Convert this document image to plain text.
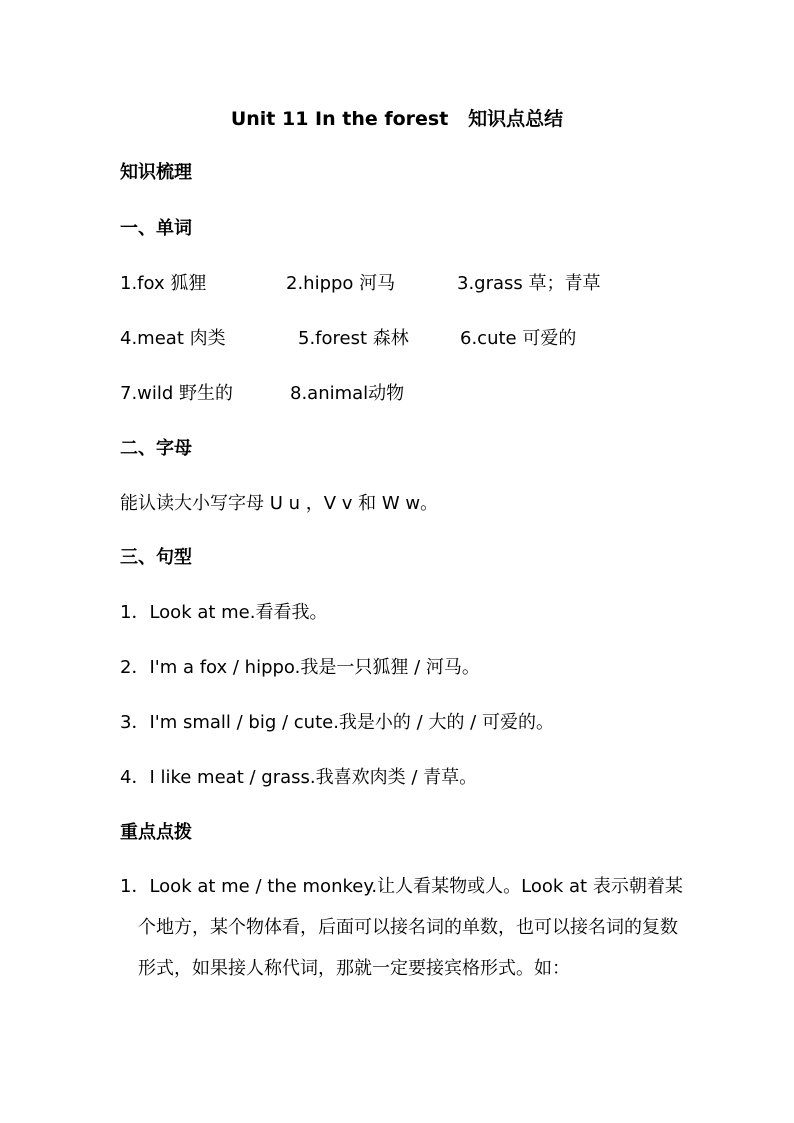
Unit 11 In the forest   知识点总结
知识梳理
一、单词
1.fox 狐狸	2.hippo 河马	3.grass 草；青草
4.meat 肉类	5.forest 森林	6.cute 可爱的
7.wild 野生的	8.animal动物
二、字母
能认读大小写字母 U u ，V v 和 W w。
三、句型
1．Look at me.看看我。
2．I'm a fox / hippo.我是一只狐狸 / 河马。
3．I'm small / big / cute.我是小的 / 大的 / 可爱的。
4．I like meat / grass.我喜欢肉类 / 青草。
重点点拨
1．Look at me / the monkey.让人看某物或人。Look at 表示朝着某个地方，某个物体看，后面可以接名词的单数，也可以接名词的复数形式，如果接人称代词，那就一定要接宾格形式。如：
